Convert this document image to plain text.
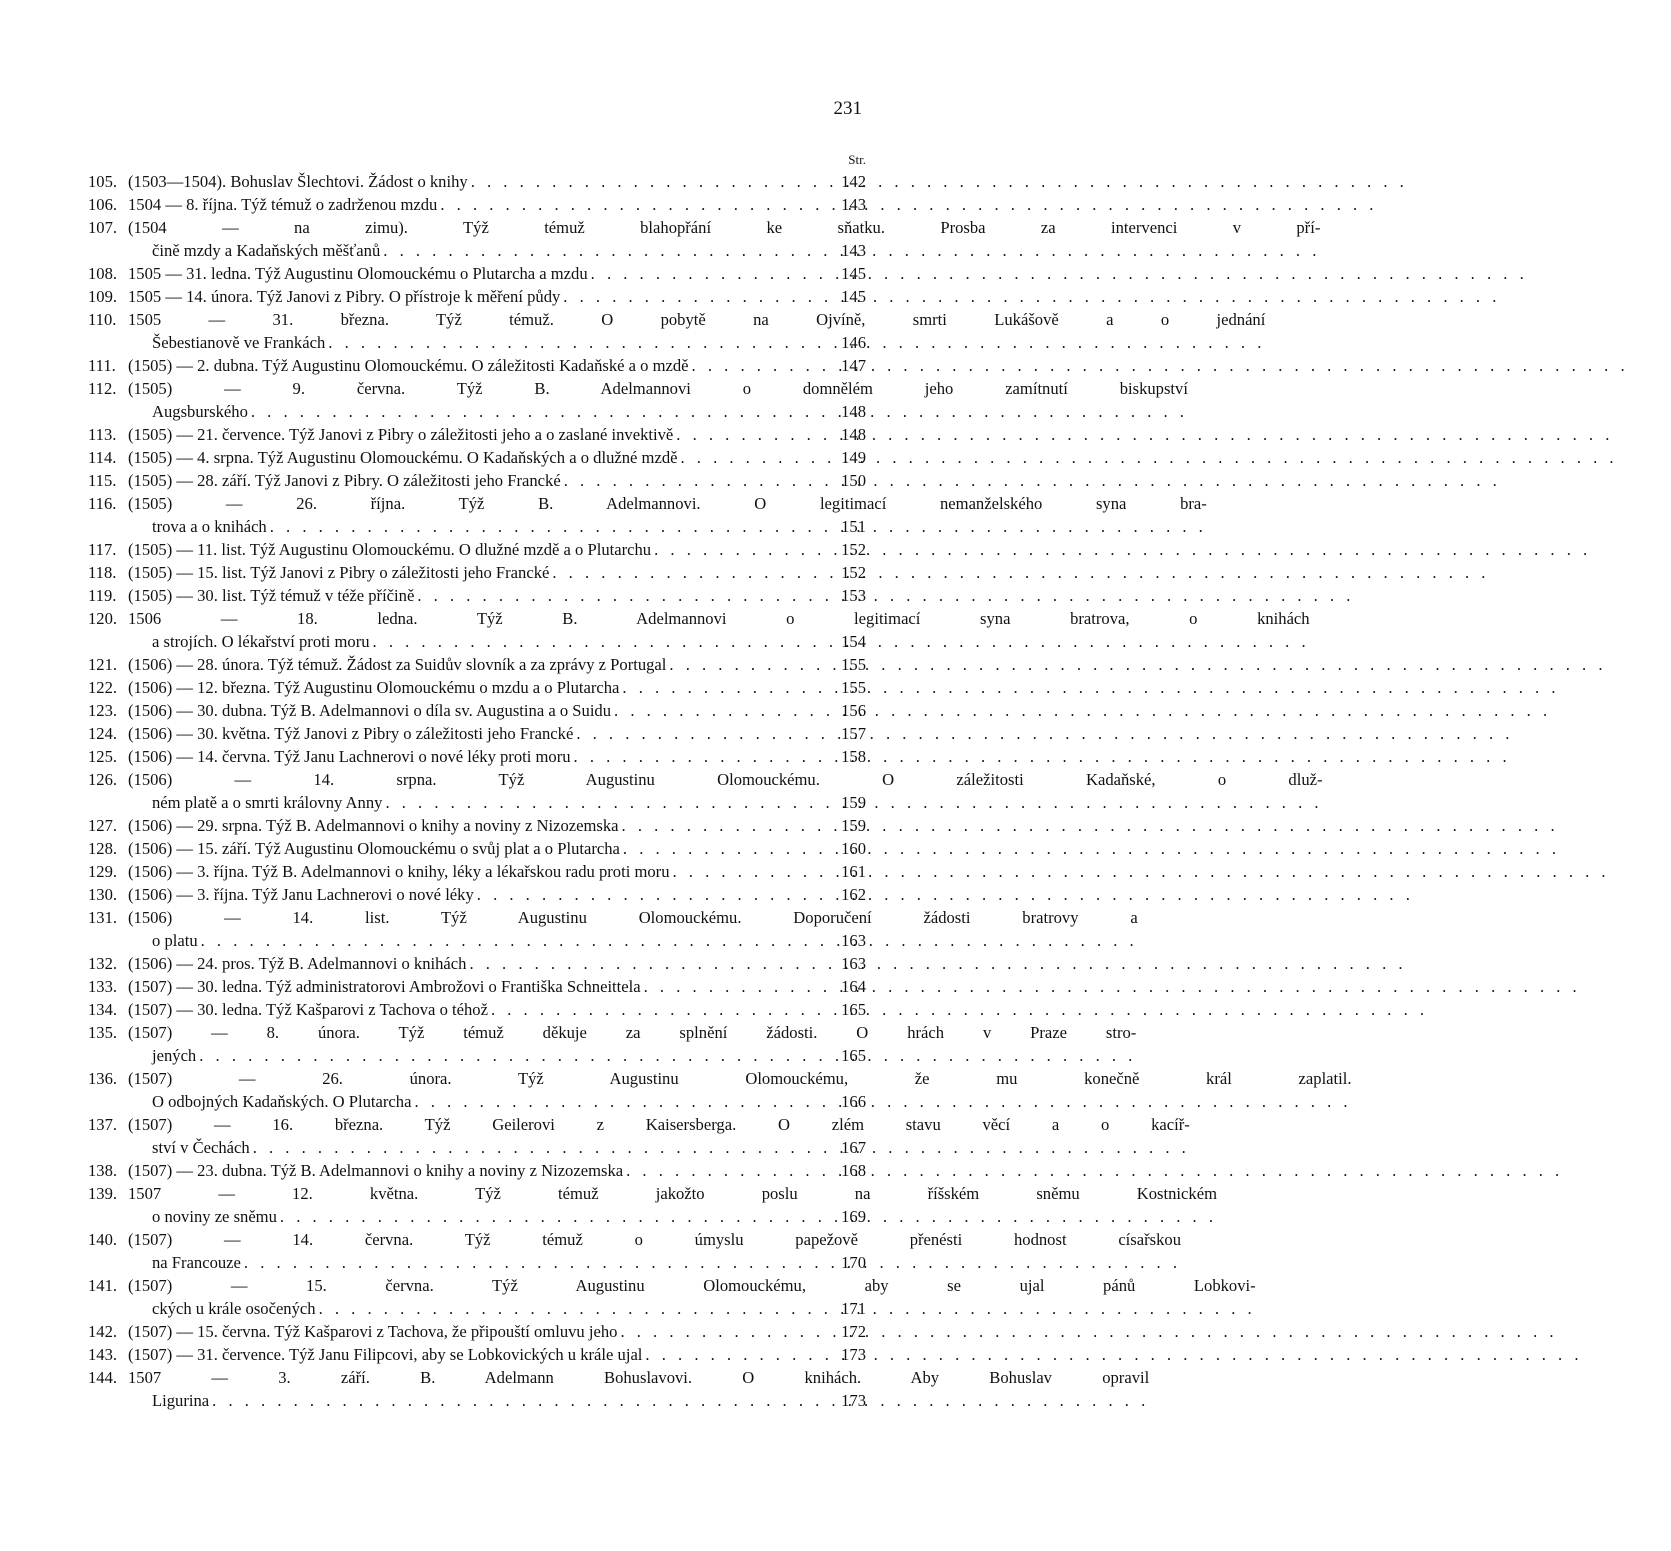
231
Str.
105. (1503—1504). Bohuslav Šlechtovi. Žádost o knihy . . .	142
106. 1504 — 8. října. Týž témuž o zadrženou mzdu . . .	143
107. (1504 — na zimu). Týž témuž blahopřání ke sňatku. Prosba za intervenci v pří-
čině mzdy a Kadaňských měšťanů . . .	143
108. 1505 — 31. ledna. Týž Augustinu Olomouckému o Plutarcha a mzdu . . .	145
109. 1505 — 14. února. Týž Janovi z Pibry. O přístroje k měření půdy . . .	145
110. 1505 — 31. března. Týž témuž. O pobytě na Ojvíně, smrti Lukášově a o jednání
Šebestianově ve Frankách . . .	146
111. (1505) — 2. dubna. Týž Augustinu Olomouckému. O záležitosti Kadaňské a o mzdě . . .	147
112. (1505) — 9. června. Týž B. Adelmannovi o domnělém jeho zamítnutí biskupství
Augsburského . . .	148
113. (1505) — 21. července. Týž Janovi z Pibry o záležitosti jeho a o zaslané invektivě . . .	148
114. (1505) — 4. srpna. Týž Augustinu Olomouckému. O Kadaňských a o dlužné mzdě . . .	149
115. (1505) — 28. září. Týž Janovi z Pibry. O záležitosti jeho Francké . . .	150
116. (1505) — 26. října. Týž B. Adelmannovi. O legitimací nemanželského syna bra-
trova a o knihách . . .	151
117. (1505) — 11. list. Týž Augustinu Olomouckému. O dlužné mzdě a o Plutarchu . . .	152
118. (1505) — 15. list. Týž Janovi z Pibry o záležitosti jeho Francké . . .	152
119. (1505) — 30. list. Týž témuž v téže příčině . . .	153
120. 1506 — 18. ledna. Týž B. Adelmannovi o legitimací syna bratrova, o knihách
a strojích. O lékařství proti moru . . .	154
121. (1506) — 28. února. Týž témuž. Žádost za Suidův slovník a za zprávy z Portugal . . .	155
122. (1506) — 12. března. Týž Augustinu Olomouckému o mzdu a o Plutarcha . . .	155
123. (1506) — 30. dubna. Týž B. Adelmannovi o díla sv. Augustina a o Suidu . . .	156
124. (1506) — 30. května. Týž Janovi z Pibry o záležitosti jeho Francké . . .	157
125. (1506) — 14. června. Týž Janu Lachnerovi o nové léky proti moru . . .	158
126. (1506) — 14. srpna. Týž Augustinu Olomouckému. O záležitosti Kadaňské, o dluž-
ném platě a o smrti královny Anny . . .	159
127. (1506) — 29. srpna. Týž B. Adelmannovi o knihy a noviny z Nizozemska . . .	159
128. (1506) — 15. září. Týž Augustinu Olomouckému o svůj plat a o Plutarcha . . .	160
129. (1506) — 3. října. Týž B. Adelmannovi o knihy, léky a lékařskou radu proti moru . . .	161
130. (1506) — 3. října. Týž Janu Lachnerovi o nové léky . . .	162
131. (1506) — 14. list. Týž Augustinu Olomouckému. Doporučení žádosti bratrovy a
o platu . . .	163
132. (1506) — 24. pros. Týž B. Adelmannovi o knihách . . .	163
133. (1507) — 30. ledna. Týž administratorovi Ambrožovi o Františka Schneittela . . .	164
134. (1507) — 30. ledna. Týž Kašparovi z Tachova o téhož . . .	165
135. (1507) — 8. února. Týž témuž děkuje za splnění žádosti. O hrách v Praze stro-
jených . . .	165
136. (1507) — 26. února. Týž Augustinu Olomouckému, že mu konečně král zaplatil.
O odbojných Kadaňských. O Plutarcha . . .	166
137. (1507) — 16. března. Týž Geilerovi z Kaisersberga. O zlém stavu věcí a o kacíř-
ství v Čechách . . .	167
138. (1507) — 23. dubna. Týž B. Adelmannovi o knihy a noviny z Nizozemska . . .	168
139. 1507 — 12. května. Týž témuž jakožto poslu na říšském sněmu Kostnickém
o noviny ze sněmu . . .	169
140. (1507) — 14. června. Týž témuž o úmyslu papežově přenésti hodnost císařskou
na Francouze . . .	170
141. (1507) — 15. června. Týž Augustinu Olomouckému, aby se ujal pánů Lobkovi-
ckých u krále osočených . . .	171
142. (1507) — 15. června. Týž Kašparovi z Tachova, že připouští omluvu jeho . . .	172
143. (1507) — 31. července. Týž Janu Filipcovi, aby se Lobkovických u krále ujal . . .	173
144. 1507 — 3. září. B. Adelmann Bohuslavovi. O knihách. Aby Bohuslav opravil
Ligurina . . .	173
